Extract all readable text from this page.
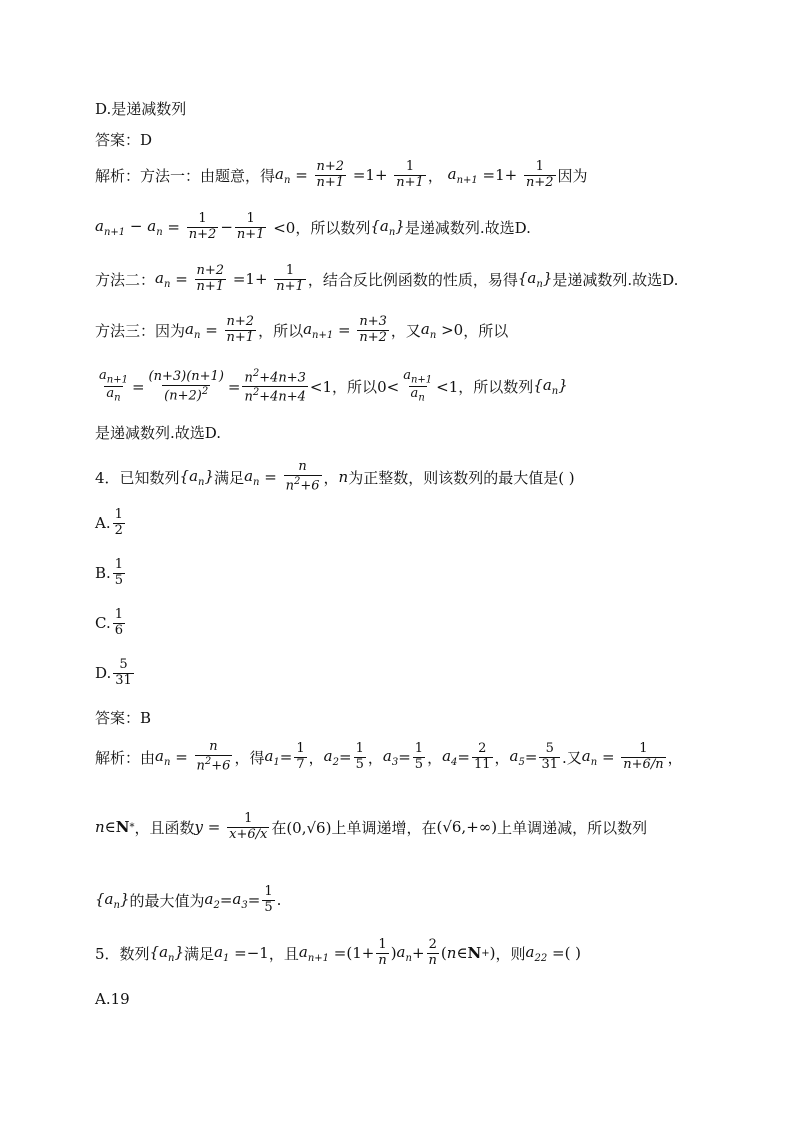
D.是递减数列
答案：D
解析：方法一：由题意，得 $a_n = \frac{n+2}{n+1} =1+ \frac{1}{n+1}$ ， $a_{n+1} =1+ \frac{1}{n+2}$ 因为
$a_{n+1} - a_n = \frac{1}{n+2} - \frac{1}{n+1} <0$， 所以数列 $\{a_n\}$ 是递减数列.故选D.
方法二： $a_n = \frac{n+2}{n+1} =1+ \frac{1}{n+1}$ ， 结合反比例函数的性质，易得 $\{a_n\}$ 是递减数列.故选D.
方法三：因为 $a_n = \frac{n+2}{n+1}$ ，所以 $a_{n+1} = \frac{n+3}{n+2}$ ，又 $a_n >0$ ，所以
$\frac{a_{n+1}}{a_n} = \frac{(n+3)(n+1)}{(n+2)^2} = \frac{n^2+4n+3}{n^2+4n+4} <1$， 所以 $0< \frac{a_{n+1}}{a_n} <1$ ，所以数列 $\{a_n\}$
是递减数列.故选D.
4．已知数列 $\{a_n\}$ 满足 $a_n = \frac{n}{n^2+6}$ ， n 为正整数，则该数列的最大值是( )
A. $\frac{1}{2}$
B. $\frac{1}{5}$
C. $\frac{1}{6}$
D. $\frac{5}{31}$
答案：B
解析：由 $a_n = \frac{n}{n^2+6}$ ，得 $a_1 = \frac{1}{7}$ ， $a_2 = \frac{1}{5}$ ， $a_3 = \frac{1}{5}$ ， $a_4 = \frac{2}{11}$ ， $a_5 = \frac{5}{31}$ .又 $a_n = \frac{1}{n+6/n}$ ，
n ∈ N * ，且函数 $y = \frac{1}{x+6/x}$ 在(0,√6) 上单调递增，在 (√6,+∞) 上单调递减，所以数列
$\{a_n\}$ 的最大值为 $a_2 = a_3 = \frac{1}{5}$ .
5．数列 $\{a_n\}$ 满足 $a_1 =-1$ ，且 $a_{n+1} =(1+ \frac{1}{n}$ ) $a_n + \frac{2}{n}$ ( n ∈ N + ) ，则 $a_{22}$ = ( )
A.19
